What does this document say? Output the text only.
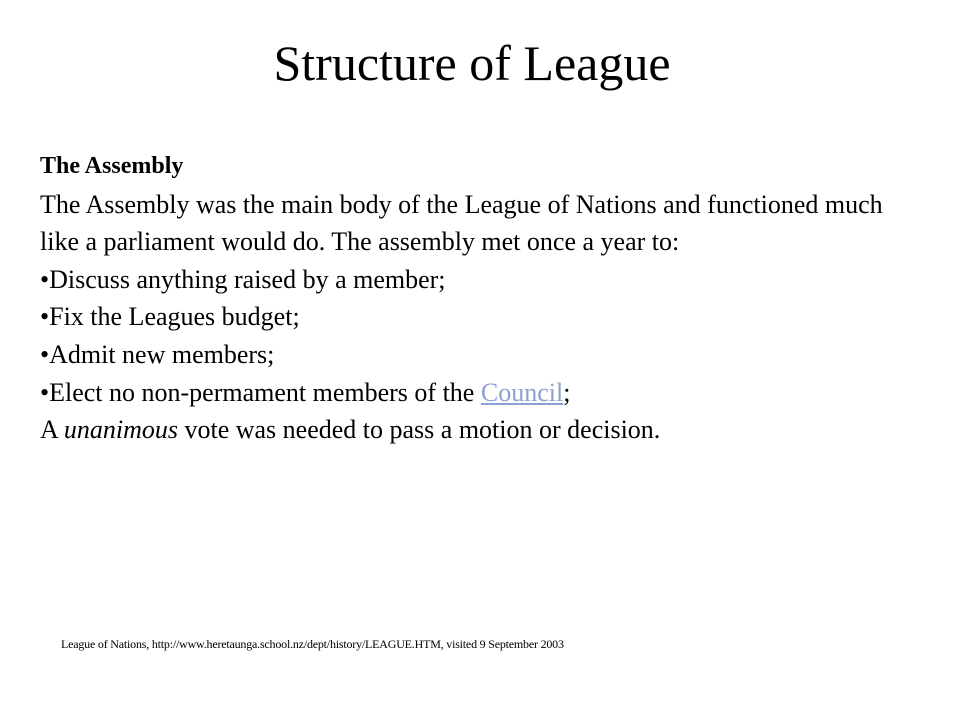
Structure of League

The Assembly

The Assembly was the main body of the League of Nations and functioned much like a parliament would do. The assembly met once a year to:

•Discuss anything raised by a member;

•Fix the Leagues budget;

•Admit new members;

•Elect no non-permament members of the Council;

A unanimous vote was needed to pass a motion or decision.

League of Nations, http://www.heretaunga.school.nz/dept/history/LEAGUE.HTM, visited 9 September 2003
